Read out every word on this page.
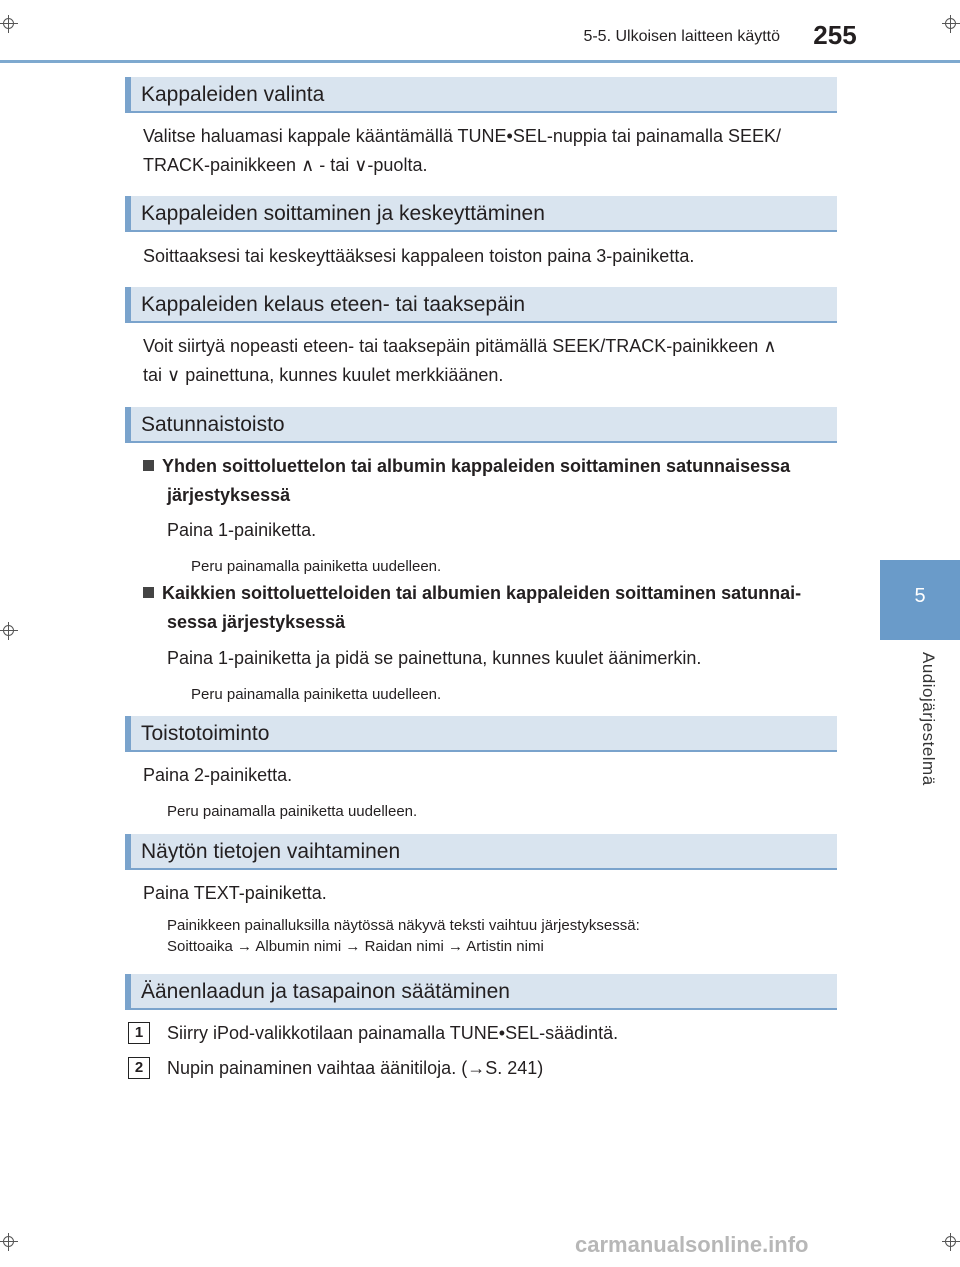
5-5. Ulkoisen laitteen käyttö	255
5
Audiojärjestelmä
Kappaleiden valinta
Valitse haluamasi kappale kääntämällä TUNE•SEL-nuppia tai painamalla SEEK/
TRACK-painikkeen ∧ - tai ∨-puolta.
Kappaleiden soittaminen ja keskeyttäminen
Soittaaksesi tai keskeyttääksesi kappaleen toiston paina 3-painiketta.
Kappaleiden kelaus eteen- tai taaksepäin
Voit siirtyä nopeasti eteen- tai taaksepäin pitämällä SEEK/TRACK-painikkeen ∧
tai ∨ painettuna, kunnes kuulet merkkiäänen.
Satunnaistoisto
Yhden soittoluettelon tai albumin kappaleiden soittaminen satunnaisessa
järjestyksessä
Paina 1-painiketta.
Peru painamalla painiketta uudelleen.
Kaikkien soittoluetteloiden tai albumien kappaleiden soittaminen satunnai-
sessa järjestyksessä
Paina 1-painiketta ja pidä se painettuna, kunnes kuulet äänimerkin.
Peru painamalla painiketta uudelleen.
Toistotoiminto
Paina 2-painiketta.
Peru painamalla painiketta uudelleen.
Näytön tietojen vaihtaminen
Paina TEXT-painiketta.
Painikkeen painalluksilla näytössä näkyvä teksti vaihtuu järjestyksessä:
Soittoaika → Albumin nimi → Raidan nimi → Artistin nimi
Äänenlaadun ja tasapainon säätäminen
1	Siirry iPod-valikkotilaan painamalla TUNE•SEL-säädintä.
2	Nupin painaminen vaihtaa äänitiloja. (→S. 241)
carmanualsonline.info
